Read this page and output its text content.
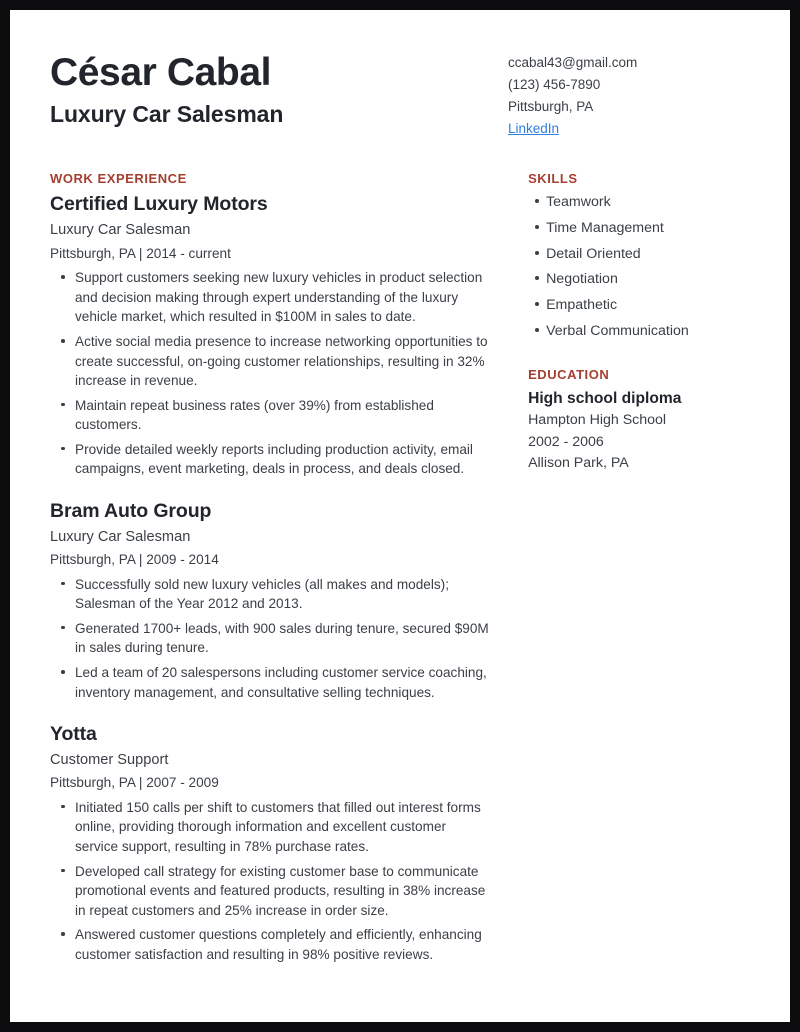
César Cabal
Luxury Car Salesman
ccabal43@gmail.com
(123) 456-7890
Pittsburgh, PA
LinkedIn
WORK EXPERIENCE
Certified Luxury Motors
Luxury Car Salesman
Pittsburgh, PA | 2014 - current
Support customers seeking new luxury vehicles in product selection and decision making through expert understanding of the luxury vehicle market, which resulted in $100M in sales to date.
Active social media presence to increase networking opportunities to create successful, on-going customer relationships, resulting in 32% increase in revenue.
Maintain repeat business rates (over 39%) from established customers.
Provide detailed weekly reports including production activity, email campaigns, event marketing, deals in process, and deals closed.
Bram Auto Group
Luxury Car Salesman
Pittsburgh, PA | 2009 - 2014
Successfully sold new luxury vehicles (all makes and models); Salesman of the Year 2012 and 2013.
Generated 1700+ leads, with 900 sales during tenure, secured $90M in sales during tenure.
Led a team of 20 salespersons including customer service coaching, inventory management, and consultative selling techniques.
Yotta
Customer Support
Pittsburgh, PA | 2007 - 2009
Initiated 150 calls per shift to customers that filled out interest forms online, providing thorough information and excellent customer service support, resulting in 78% purchase rates.
Developed call strategy for existing customer base to communicate promotional events and featured products, resulting in 38% increase in repeat customers and 25% increase in order size.
Answered customer questions completely and efficiently, enhancing customer satisfaction and resulting in 98% positive reviews.
SKILLS
Teamwork
Time Management
Detail Oriented
Negotiation
Empathetic
Verbal Communication
EDUCATION
High school diploma
Hampton High School
2002 - 2006
Allison Park, PA
